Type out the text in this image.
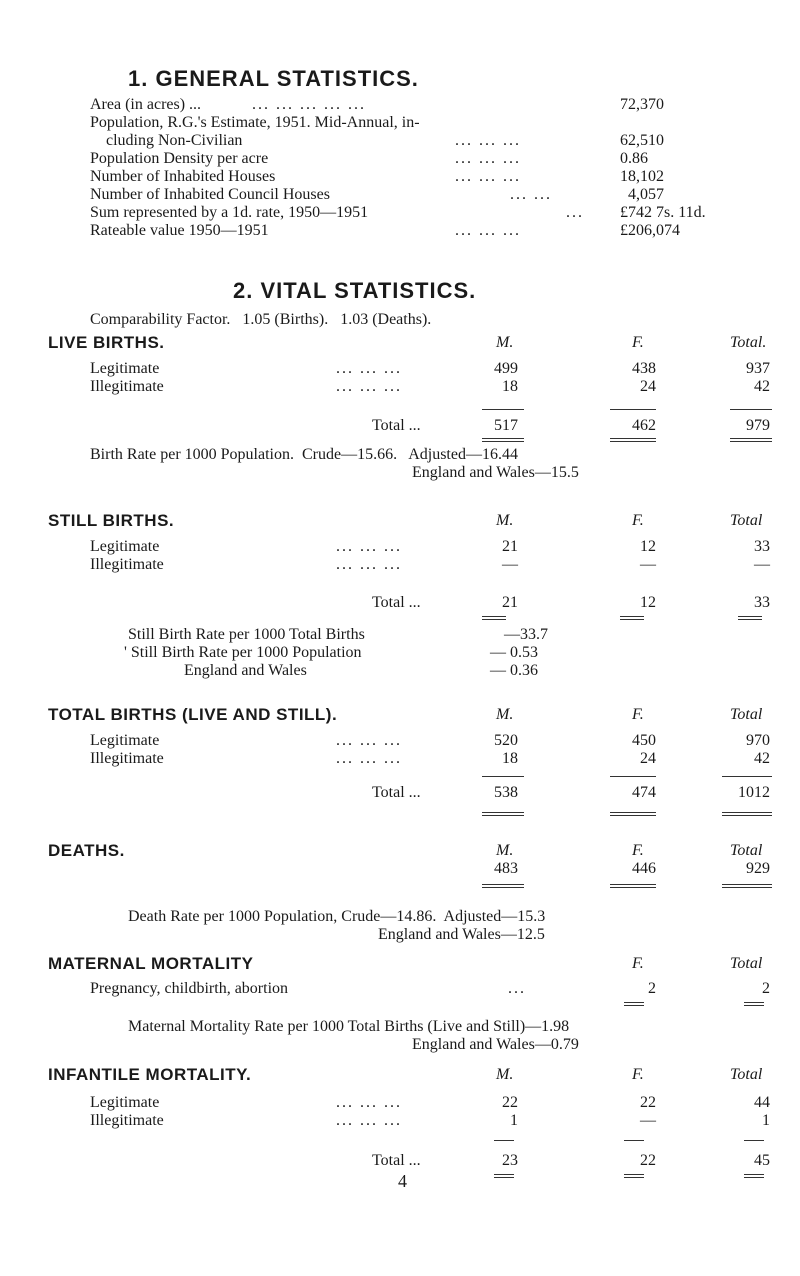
1. GENERAL STATISTICS.
Area (in acres) ...	... ... ... ... ...	72,370
Population, R.G.'s Estimate, 1951. Mid-Annual, in-
cluding Non-Civilian	... ... ...	62,510
Population Density per acre	... ... ...	0.86
Number of Inhabited Houses	... ... ...	18,102
Number of Inhabited Council Houses	... ...	4,057
Sum represented by a 1d. rate, 1950—1951	... £742 7s. 11d.
Rateable value 1950—1951	... ... ...	£206,074
2. VITAL STATISTICS.
Comparability Factor.   1.05 (Births).   1.03 (Deaths).
LIVE BIRTHS.	M.	F.	Total.
Legitimate	... ... ...	499	438	937
Illegitimate	... ... ...	18	24	42
Total ...	517	462	979
Birth Rate per 1000 Population.  Crude—15.66.   Adjusted—16.44
England and Wales—15.5
STILL BIRTHS.	M.	F.	Total
Legitimate	... ... ...	21	12	33
Illegitimate	... ... ...	—	—	—
Total ...	21	12	33
Still Birth Rate per 1000 Total Births	—33.7
' Still Birth Rate per 1000 Population	— 0.53
England and Wales	— 0.36
TOTAL BIRTHS (LIVE AND STILL).	M.	F.	Total
Legitimate	... ... ...	520	450	970
Illegitimate	... ... ...	18	24	42
Total ...	538	474	1012
DEATHS.	M.	F.	Total
483	446	929
Death Rate per 1000 Population, Crude—14.86.  Adjusted—15.3
England and Wales—12.5
MATERNAL MORTALITY	F.	Total
Pregnancy, childbirth, abortion	...	2	2
Maternal Mortality Rate per 1000 Total Births (Live and Still)—1.98
England and Wales—0.79
INFANTILE MORTALITY.	M.	F.	Total
Legitimate	... ... ...	22	22	44
Illegitimate	... ... ...	1	—	1
Total ...	23	22	45
4
